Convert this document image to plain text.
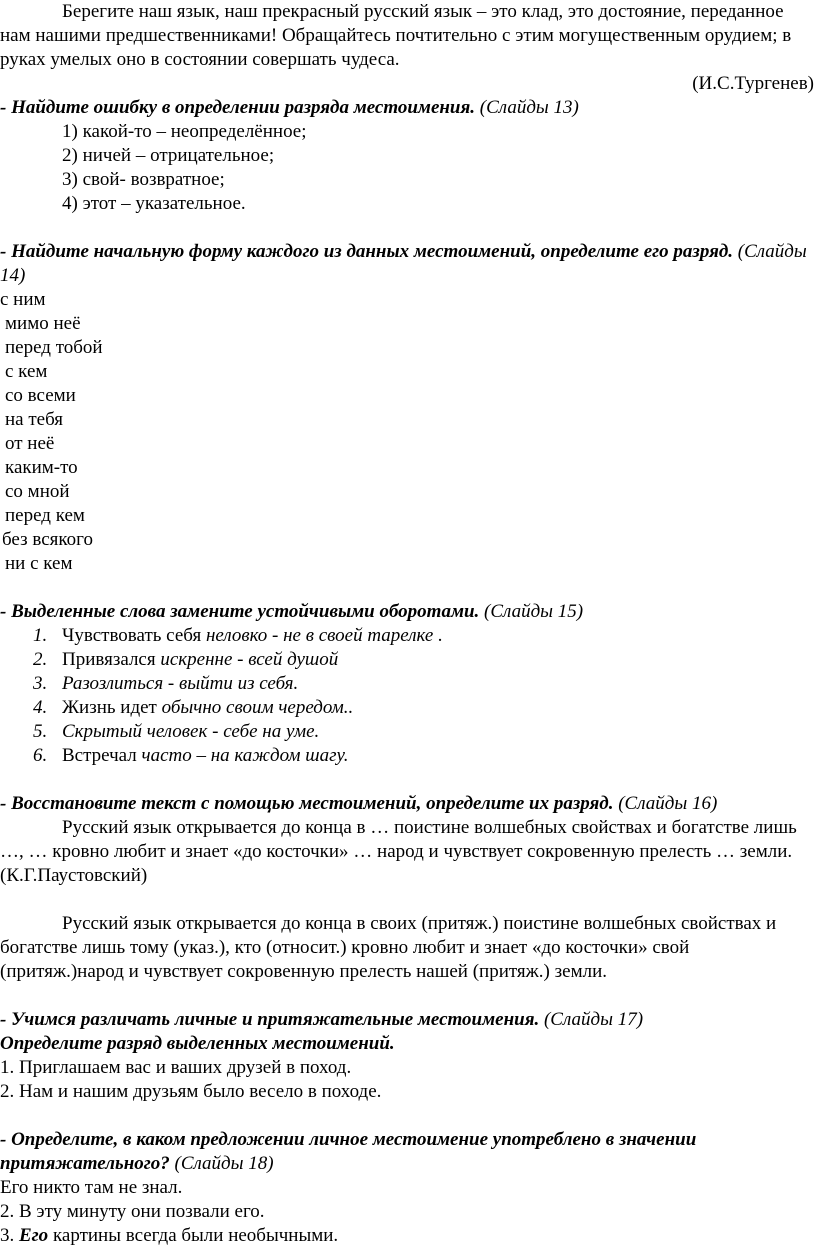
Берегите наш язык, наш прекрасный русский язык – это клад, это достояние, переданное нам нашими предшественниками! Обращайтесь почтительно с этим могущественным орудием; в руках умелых оно в состоянии совершать чудеса.

(И.С.Тургенев)

- Найдите ошибку в определении разряда местоимения. (Слайды 13)

1) какой-то – неопределённое;

2) ничей – отрицательное;

3) свой- возвратное;

4) этот – указательное.

- Найдите начальную форму каждого из данных местоимений, определите его разряд. (Слайды 14)

с ним

мимо неё

перед тобой

с кем

со всеми

на тебя

от неё

каким-то

со мной

перед кем

без всякого

ни с кем

- Выделенные слова замените устойчивыми оборотами. (Слайды 15)

1. Чувствовать себя неловко - не в своей тарелке .
2. Привязался искренне - всей душой
3. Разозлиться - выйти из себя.
4. Жизнь идет обычно своим чередом..
5. Скрытый человек - себе на уме.
6. Встречал часто – на каждом шагу.

- Восстановите текст с помощью местоимений, определите их разряд. (Слайды 16)

Русский язык открывается до конца в … поистине волшебных свойствах и богатстве лишь …, … кровно любит и знает «до косточки» … народ и чувствует сокровенную прелесть … земли. (К.Г.Паустовский)

Русский язык открывается до конца в своих (притяж.) поистине волшебных свойствах и богатстве лишь тому (указ.), кто (относит.) кровно любит и знает «до косточки» свой (притяж.)народ и чувствует сокровенную прелесть нашей (притяж.) земли.

- Учимся различать личные и притяжательные местоимения. (Слайды 17)

Определите разряд выделенных местоимений.

1. Приглашаем вас и ваших друзей в поход.

2. Нам и нашим друзьям было весело в походе.

- Определите, в каком предложении личное местоимение употреблено в значении притяжательного? (Слайды 18)

Его никто там не знал.

2. В эту минуту они позвали его.

3. Его картины всегда были необычными.
